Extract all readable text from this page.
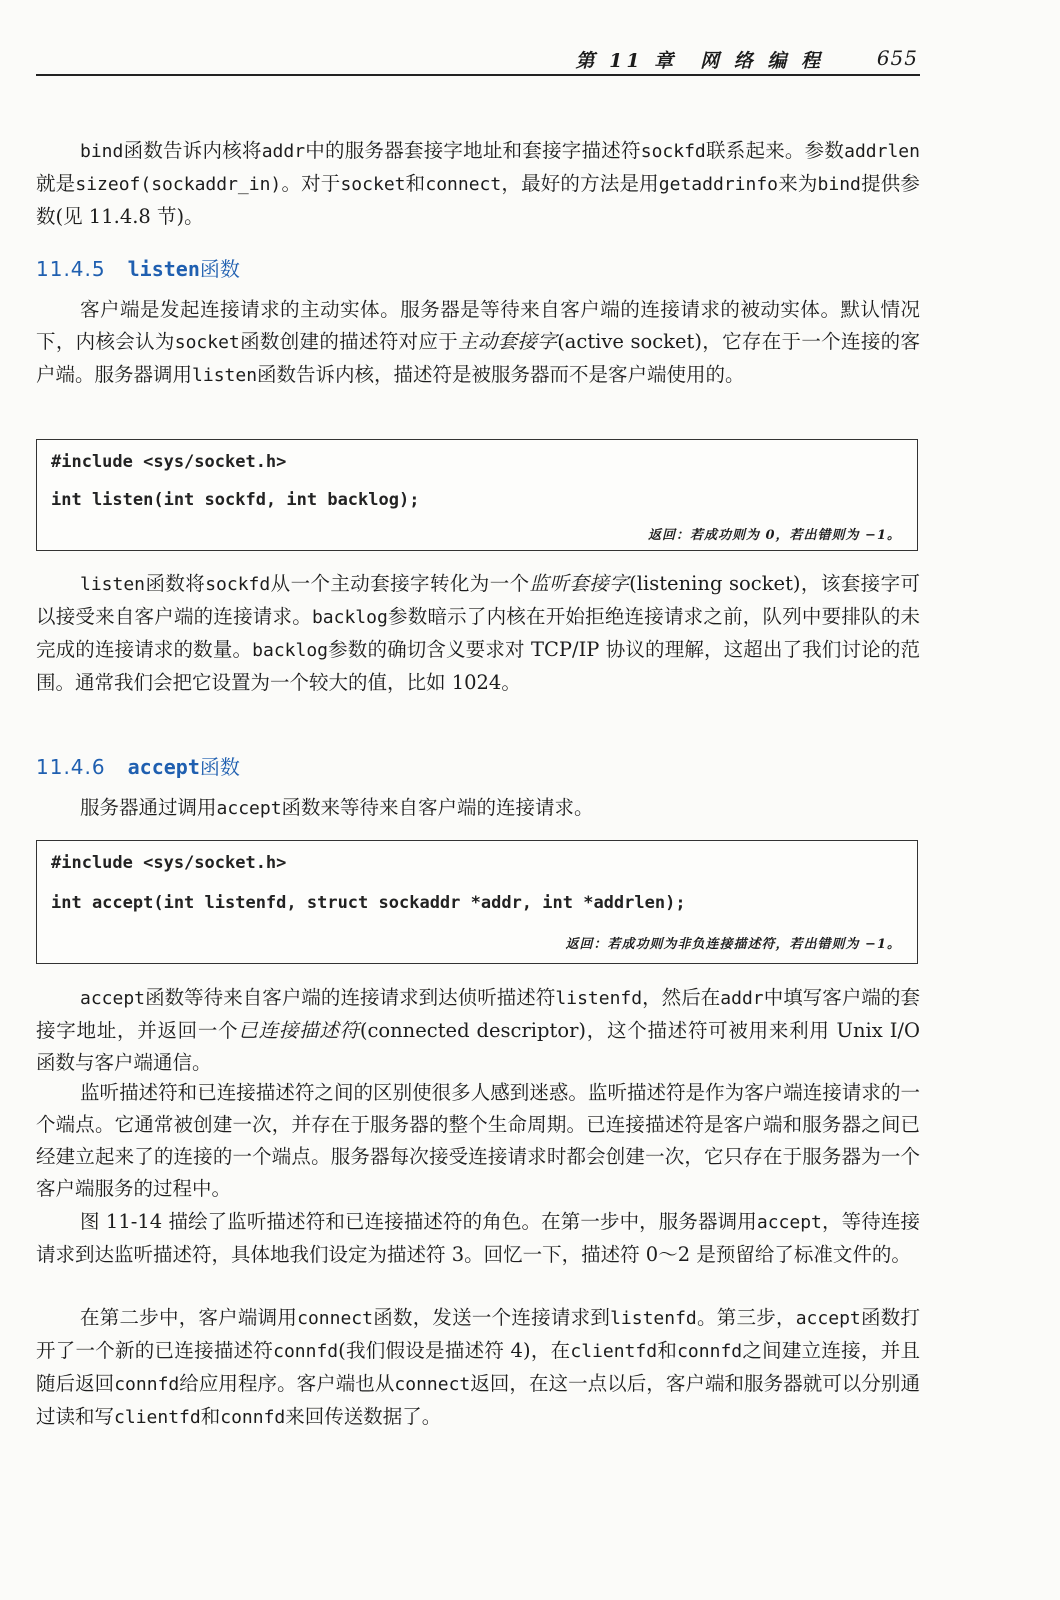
第 11 章　网 络 编 程	655

bind函数告诉内核将addr中的服务器套接字地址和套接字描述符sockfd联系起来。参数addrlen就是sizeof(sockaddr_in)。对于socket和connect，最好的方法是用getaddrinfo来为bind提供参数(见 11.4.8 节)。

11.4.5 listen函数

客户端是发起连接请求的主动实体。服务器是等待来自客户端的连接请求的被动实体。默认情况下，内核会认为socket函数创建的描述符对应于主动套接字(active socket)，它存在于一个连接的客户端。服务器调用listen函数告诉内核，描述符是被服务器而不是客户端使用的。

#include <sys/socket.h>
int listen(int sockfd, int backlog);
返回：若成功则为 0，若出错则为 −1。

listen函数将sockfd从一个主动套接字转化为一个监听套接字(listening socket)，该套接字可以接受来自客户端的连接请求。backlog参数暗示了内核在开始拒绝连接请求之前，队列中要排队的未完成的连接请求的数量。backlog参数的确切含义要求对 TCP/IP 协议的理解，这超出了我们讨论的范围。通常我们会把它设置为一个较大的值，比如 1024。

11.4.6 accept函数

服务器通过调用accept函数来等待来自客户端的连接请求。

#include <sys/socket.h>
int accept(int listenfd, struct sockaddr *addr, int *addrlen);
返回：若成功则为非负连接描述符，若出错则为 −1。

accept函数等待来自客户端的连接请求到达侦听描述符listenfd，然后在addr中填写客户端的套接字地址，并返回一个已连接描述符(connected descriptor)，这个描述符可被用来利用 Unix I/O 函数与客户端通信。

监听描述符和已连接描述符之间的区别使很多人感到迷惑。监听描述符是作为客户端连接请求的一个端点。它通常被创建一次，并存在于服务器的整个生命周期。已连接描述符是客户端和服务器之间已经建立起来了的连接的一个端点。服务器每次接受连接请求时都会创建一次，它只存在于服务器为一个客户端服务的过程中。

图 11-14 描绘了监听描述符和已连接描述符的角色。在第一步中，服务器调用accept，等待连接请求到达监听描述符，具体地我们设定为描述符 3。回忆一下，描述符 0～2 是预留给了标准文件的。

在第二步中，客户端调用connect函数，发送一个连接请求到listenfd。第三步，accept函数打开了一个新的已连接描述符connfd(我们假设是描述符 4)，在clientfd和connfd之间建立连接，并且随后返回connfd给应用程序。客户端也从connect返回，在这一点以后，客户端和服务器就可以分别通过读和写clientfd和connfd来回传送数据了。
